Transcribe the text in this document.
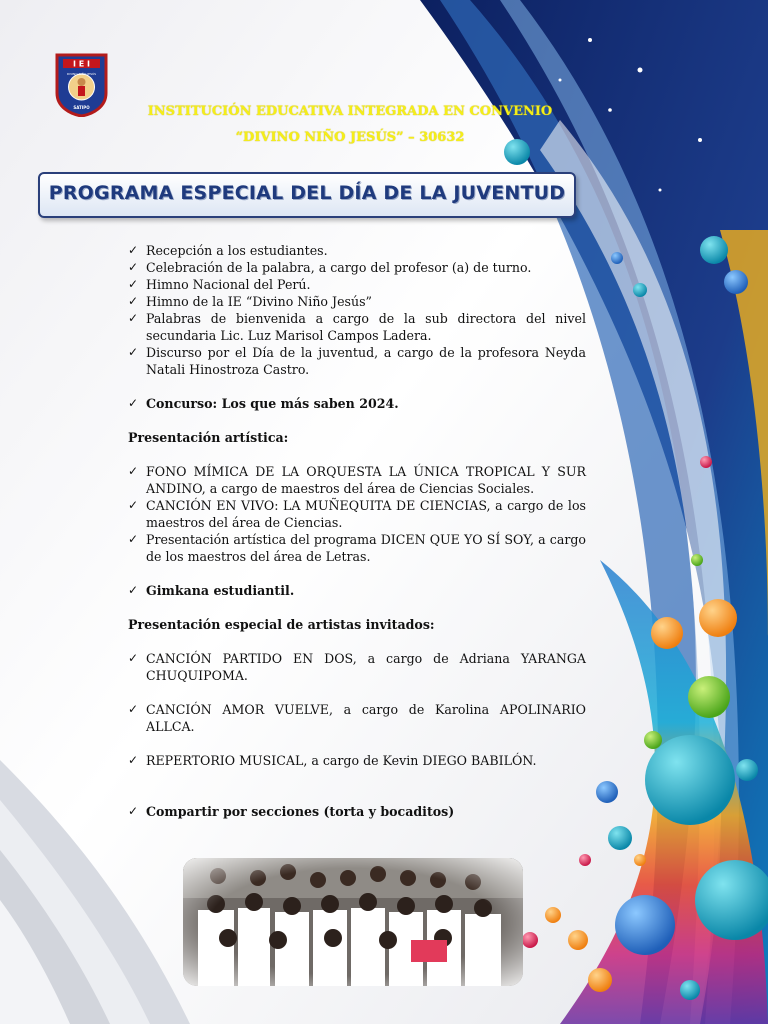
I E I
DIVINO NIÑO JESÚS
SATIPO	INSTITUCIÓN EDUCATIVA INTEGRADA EN CONVENIO
“DIVINO NIÑO JESÚS” – 30632
PROGRAMA ESPECIAL DEL DÍA DE LA JUVENTUD
✓ Recepción a los estudiantes.
✓ Celebración de la palabra, a cargo del profesor (a) de turno.
✓ Himno Nacional del Perú.
✓ Himno de la IE “Divino Niño Jesús”
✓ Palabras de bienvenida a cargo de la sub directora del nivel secundaria Lic. Luz Marisol Campos Ladera.
✓ Discurso por el Día de la juventud, a cargo de la profesora Neyda Natali Hinostroza Castro.
✓ Concurso: Los que más saben 2024.

Presentación artística:

✓ FONO MÍMICA DE LA ORQUESTA LA ÚNICA TROPICAL Y SUR ANDINO, a cargo de maestros del área de Ciencias Sociales.
✓ CANCIÓN EN VIVO: LA MUÑEQUITA DE CIENCIAS, a cargo de los maestros del área de Ciencias.
✓ Presentación artística del programa DICEN QUE YO SÍ SOY, a cargo de los maestros del área de Letras.
✓ Gimkana estudiantil.

Presentación especial de artistas invitados:

✓ CANCIÓN PARTIDO EN DOS, a cargo de Adriana YARANGA CHUQUIPOMA.
✓ CANCIÓN AMOR VUELVE, a cargo de Karolina APOLINARIO ALLCA.
✓ REPERTORIO MUSICAL, a cargo de Kevin DIEGO BABILÓN.
✓ Compartir por secciones (torta y bocaditos)
